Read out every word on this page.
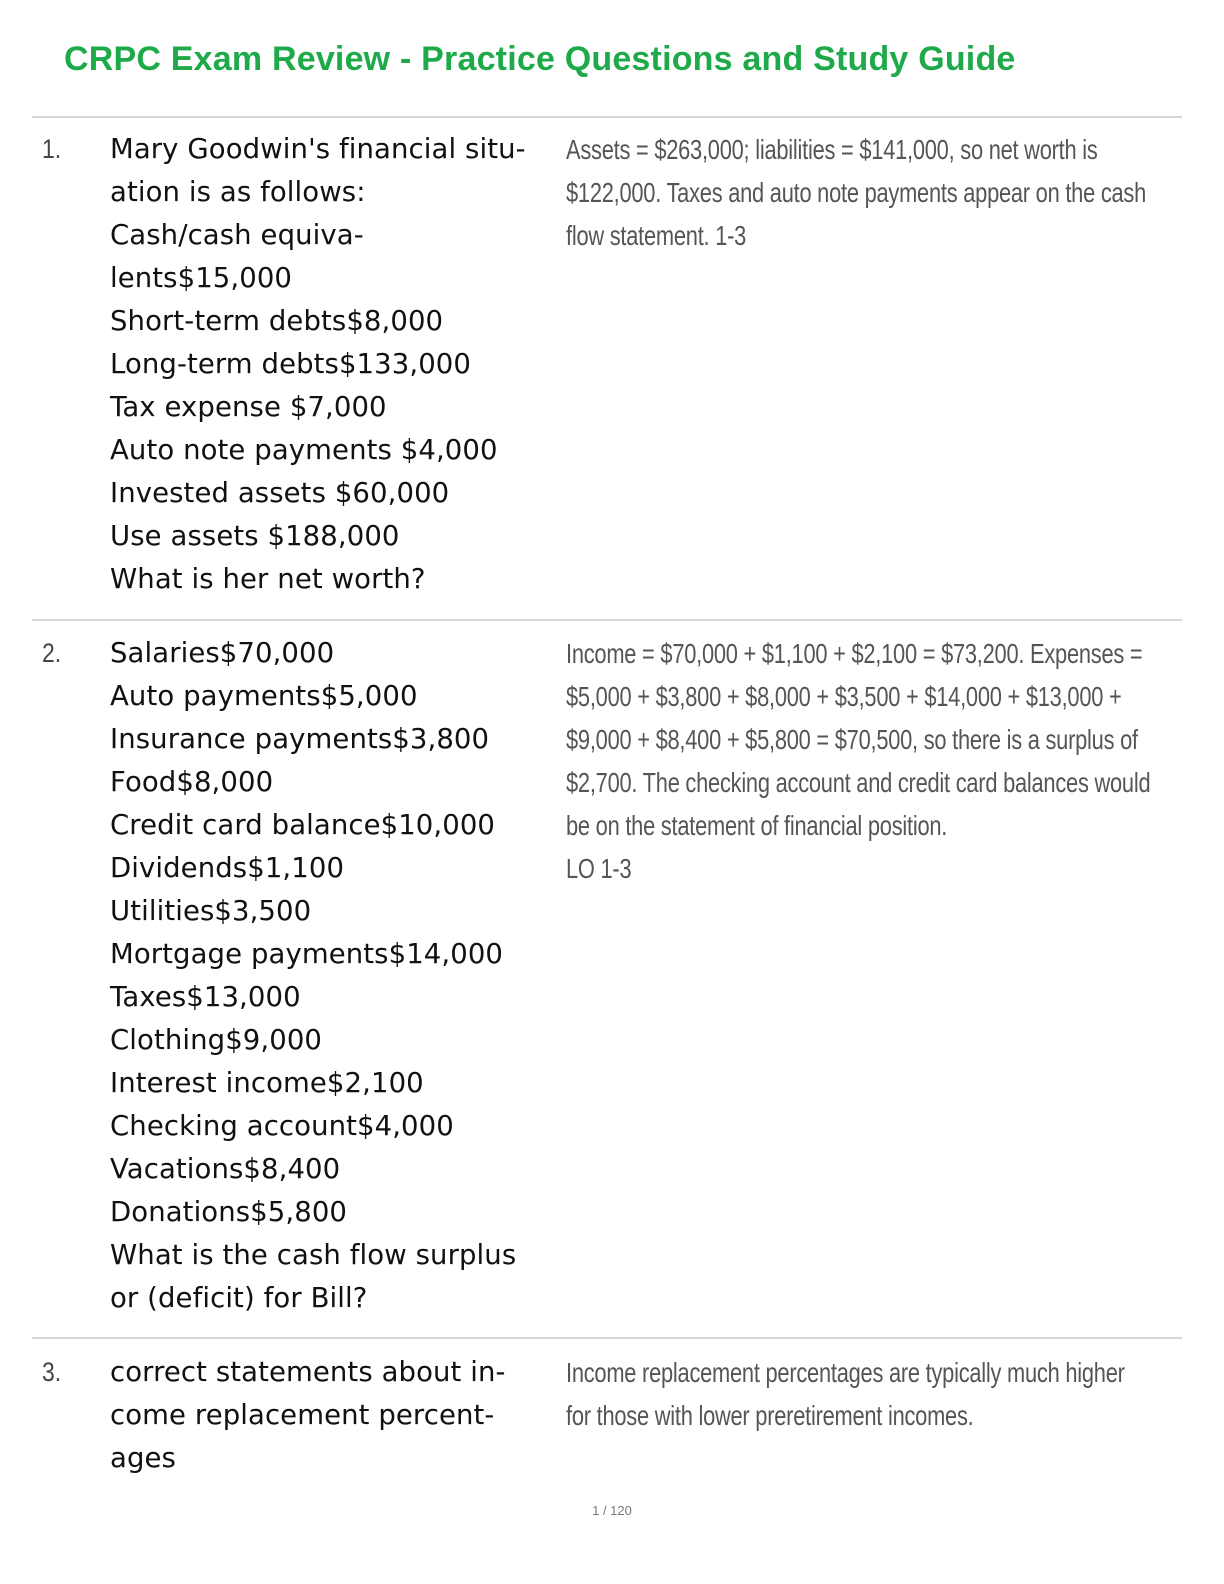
CRPC Exam Review - Practice Questions and Study Guide
1. Mary Goodwin's financial situ-
ation is as follows:
Cash/cash equiva-
lents$15,000
Short-term debts$8,000
Long-term debts$133,000
Tax expense $7,000
Auto note payments $4,000
Invested assets $60,000
Use assets $188,000
What is her net worth?
Assets = $263,000; liabilities = $141,000, so net worth is
$122,000. Taxes and auto note payments appear on the cash
flow statement. 1-3
2. Salaries$70,000
Auto payments$5,000
Insurance payments$3,800
Food$8,000
Credit card balance$10,000
Dividends$1,100
Utilities$3,500
Mortgage payments$14,000
Taxes$13,000
Clothing$9,000
Interest income$2,100
Checking account$4,000
Vacations$8,400
Donations$5,800
What is the cash flow surplus
or (deficit) for Bill?
Income = $70,000 + $1,100 + $2,100 = $73,200. Expenses =
$5,000 + $3,800 + $8,000 + $3,500 + $14,000 + $13,000 +
$9,000 + $8,400 + $5,800 = $70,500, so there is a surplus of
$2,700. The checking account and credit card balances would
be on the statement of financial position.
LO 1-3
3. correct statements about in-
come replacement percent-
ages
Income replacement percentages are typically much higher
for those with lower preretirement incomes.
1 / 120
